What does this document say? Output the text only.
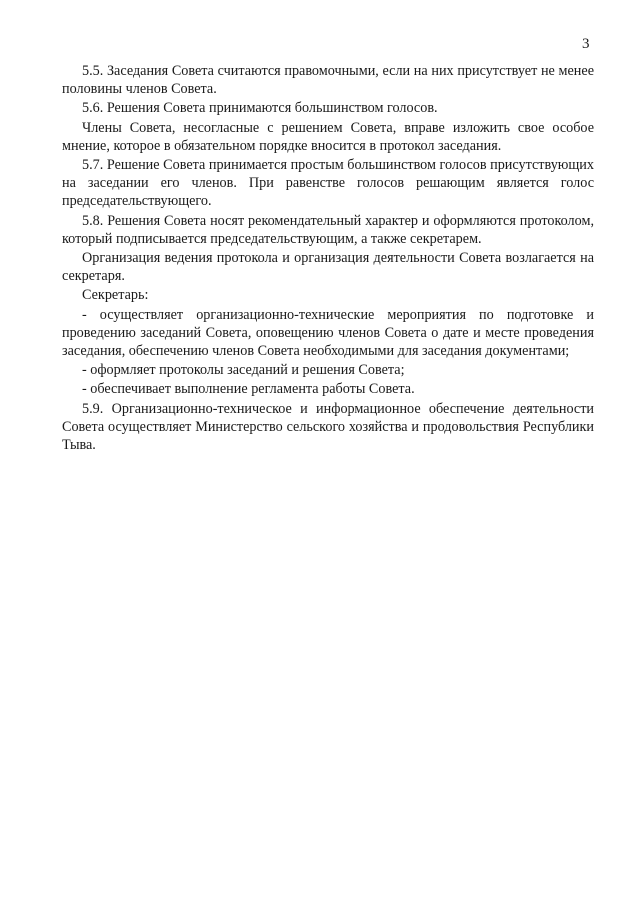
3

5.5. Заседания Совета считаются правомочными, если на них присутствует не менее половины членов Совета.

5.6. Решения Совета принимаются большинством голосов.

Члены Совета, несогласные с решением Совета, вправе изложить свое особое мнение, которое в обязательном порядке вносится в протокол заседания.

5.7. Решение Совета принимается простым большинством голосов присутствующих на заседании его членов. При равенстве голосов решающим является голос председательствующего.

5.8. Решения Совета носят рекомендательный характер и оформляются протоколом, который подписывается председательствующим, а также секретарем.

Организация ведения протокола и организация деятельности Совета возлагается на секретаря.

Секретарь:

- осуществляет организационно-технические мероприятия по подготовке и проведению заседаний Совета, оповещению членов Совета о дате и месте проведения заседания, обеспечению членов Совета необходимыми для заседания документами;

- оформляет протоколы заседаний и решения Совета;

- обеспечивает выполнение регламента работы Совета.

5.9. Организационно-техническое и информационное обеспечение деятельности Совета осуществляет Министерство сельского хозяйства и продовольствия Республики Тыва.
